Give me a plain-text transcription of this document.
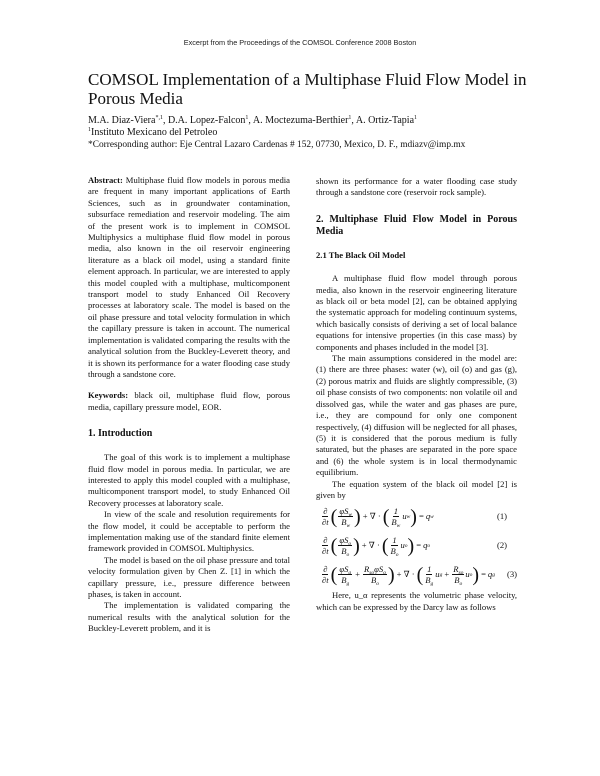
Excerpt from the Proceedings of the COMSOL Conference 2008 Boston
COMSOL Implementation of a Multiphase Fluid Flow Model in Porous Media
M.A. Diaz-Viera$^{*,1}$, D.A. Lopez-Falcon$^1$, A. Moctezuma-Berthier$^1$, A. Ortiz-Tapia$^1$
$^1$Instituto Mexicano del Petroleo
*Corresponding author: Eje Central Lazaro Cardenas # 152, 07730, Mexico, D. F., mdiazv@imp.mx

Abstract: Multiphase fluid flow models in porous media are frequent in many important applications of Earth Sciences, such as in groundwater contamination, subsurface remediation and reservoir modeling. The aim of the present work is to implement in COMSOL Multiphysics a multiphase fluid flow model in porous media, also known in the oil reservoir engineering literature as a black oil model, using a standard finite element approach. In particular, we are interested to apply this model coupled with a multiphase, multicomponent transport model to study Enhanced Oil Recovery processes at laboratory scale. The model is based on the oil phase pressure and total velocity formulation in which the capillary pressure is taken in account. The numerical implementation is validated comparing the results with the analytical solution from the Buckley-Leverett theory, and it is shown its performance for a water flooding case study through a sandstone core.

Keywords: black oil, multiphase fluid flow, porous media, capillary pressure model, EOR.

1. Introduction

The goal of this work is to implement a multiphase fluid flow model in porous media. In particular, we are interested to apply this model coupled with a multiphase, multicomponent transport model, to study Enhanced Oil Recovery processes at laboratory scale.

In view of the scale and resolution requirements for the flow model, it could be acceptable to perform the implementation making use of the standard finite element framework provided in COMSOL Multiphysics.

The model is based on the oil phase pressure and total velocity formulation given by Chen Z. [1] in which the capillary pressure, i.e., pressure difference between phases, is taken in account.

The implementation is validated comparing the numerical results with the analytical solution for the Buckley-Leverett problem, and it is

shown its performance for a water flooding case study through a sandstone core (reservoir rock sample).

2. Multiphase Fluid Flow Model in Porous Media
2.1 The Black Oil Model

A multiphase fluid flow model through porous media, also known in the reservoir engineering literature as black oil or beta model [2], can be obtained applying the systematic approach for modeling continuum systems, which basically consists of deriving a set of local balance equations for intensive properties (in this case mass) by components and phases included in the model [3].

The main assumptions considered in the model are: (1) there are three phases: water (w), oil (o) and gas (g), (2) porous matrix and fluids are slightly compressible, (3) oil phase consists of two components: non volatile oil and dissolved gas, while the water and gas phases are pure, i.e., they are compound for only one component respectively, (4) diffusion will be neglected for all phases, (5) it is considered that the porous medium is fully saturated, but the phases are separated in the pore space and (6) the whole system is in local thermodynamic equilibrium.

The equation system of the black oil model [2] is given by

$\frac{\partial}{\partial t}$ ( $\frac{\varphi S_w}{B_w}$ ) + ∇ · ( $\frac{1}{B_w}$ u w ) = q w	(1)
$\frac{\partial}{\partial t}$ ( $\frac{\varphi S_o}{B_o}$ ) + ∇ · ( $\frac{1}{B_o}$ u o ) = q o	(2)
$\frac{\partial}{\partial t}$ ( $\frac{\varphi S_g}{B_g} + \frac{R_{so}\varphi S_o}{B_o}$ ) + ∇ · ( $\frac{1}{B_g}$ u $g + \frac{R_{so}}{B_o}$ u o ) = q g (3)

Here, u_α represents the volumetric phase velocity, which can be expressed by the Darcy law as follows
